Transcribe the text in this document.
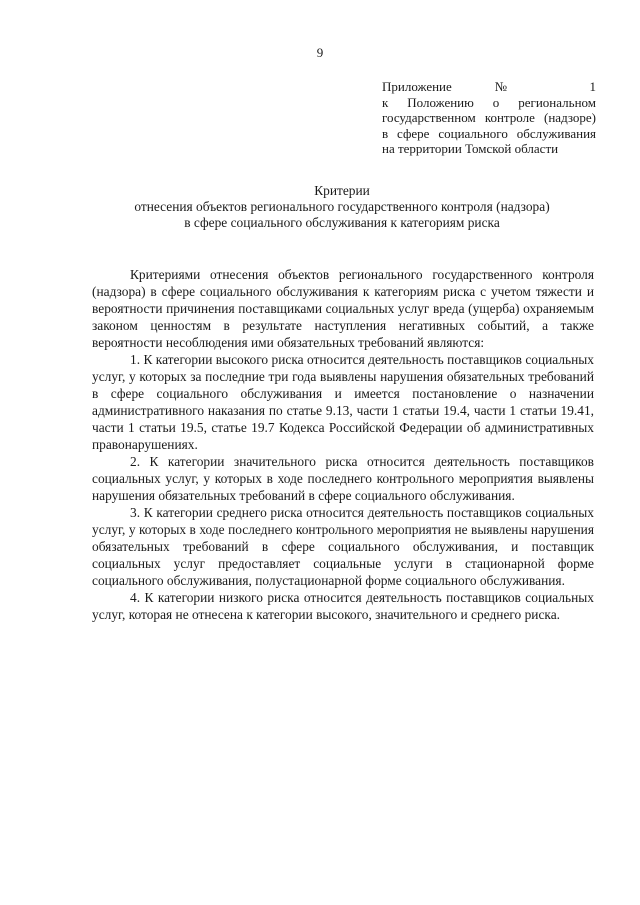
9
Приложение № 1
к Положению о региональном
государственном контроле (надзоре)
в сфере социального обслуживания
на территории Томской области
Критерии
отнесения объектов регионального государственного контроля (надзора)
в сфере социального обслуживания к категориям риска

Критериями отнесения объектов регионального государственного контроля (надзора) в сфере социального обслуживания к категориям риска с учетом тяжести и вероятности причинения поставщиками социальных услуг вреда (ущерба) охраняемым законом ценностям в результате наступления негативных событий, а также вероятности несоблюдения ими обязательных требований являются:

1. К категории высокого риска относится деятельность поставщиков социальных услуг, у которых за последние три года выявлены нарушения обязательных требований в сфере социального обслуживания и имеется постановление о назначении административного наказания по статье 9.13, части 1 статьи 19.4, части 1 статьи 19.41, части 1 статьи 19.5, статье 19.7 Кодекса Российской Федерации об административных правонарушениях.

2. К категории значительного риска относится деятельность поставщиков социальных услуг, у которых в ходе последнего контрольного мероприятия выявлены нарушения обязательных требований в сфере социального обслуживания.

3. К категории среднего риска относится деятельность поставщиков социальных услуг, у которых в ходе последнего контрольного мероприятия не выявлены нарушения обязательных требований в сфере социального обслуживания, и поставщик социальных услуг предоставляет социальные услуги в стационарной форме социального обслуживания, полустационарной форме социального обслуживания.

4. К категории низкого риска относится деятельность поставщиков социальных услуг, которая не отнесена к категории высокого, значительного и среднего риска.
